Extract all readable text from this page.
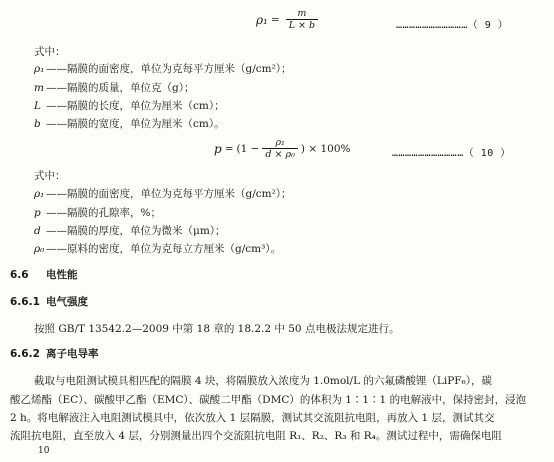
$\rho_1 = \frac{m}{L \times b}$	……………………………（ 9 ）
式中：
ρ₁ ——隔膜的面密度，单位为克每平方厘米（g/cm²）；
m ——隔膜的质量，单位克（g）；
L ——隔膜的长度，单位为厘米（cm）；
b ——隔膜的宽度，单位为厘米（cm）。
$p = (1 - \frac{\text{ρ₁}}{\text{d × ρ₀}}$ ) × 100%	……………………………（ 10 ）
式中：
ρ₁ ——隔膜的面密度，单位为克每平方厘米（g/cm²）；
p ——隔膜的孔隙率，%；
d ——隔膜的厚度，单位为微米（μm）；
ρ₀ ——原料的密度，单位为克每立方厘米（g/cm³）。
6.6 电性能
6.6.1 电气强度
按照 GB/T 13542.2—2009 中第 18 章的 18.2.2 中 50 点电极法规定进行。
6.6.2 离子电导率
截取与电阻测试模具相匹配的隔膜 4 块，将隔膜放入浓度为 1.0mol/L 的六氟磷酸锂（LiPF₆），碳
酸乙烯酯（EC）、碳酸甲乙酯（EMC）、碳酸二甲酯（DMC）的体积为 1∶1∶1 的电解液中，保持密封，浸泡
2 h。将电解液注入电阻测试模具中，依次放入 1 层隔膜，测试其交流阻抗电阻，再放入 1 层，测试其交
流阻抗电阻，直至放入 4 层，分别测量出四个交流阻抗电阻 R₁、R₂、R₃ 和 R₄。测试过程中，需确保电阻
10
